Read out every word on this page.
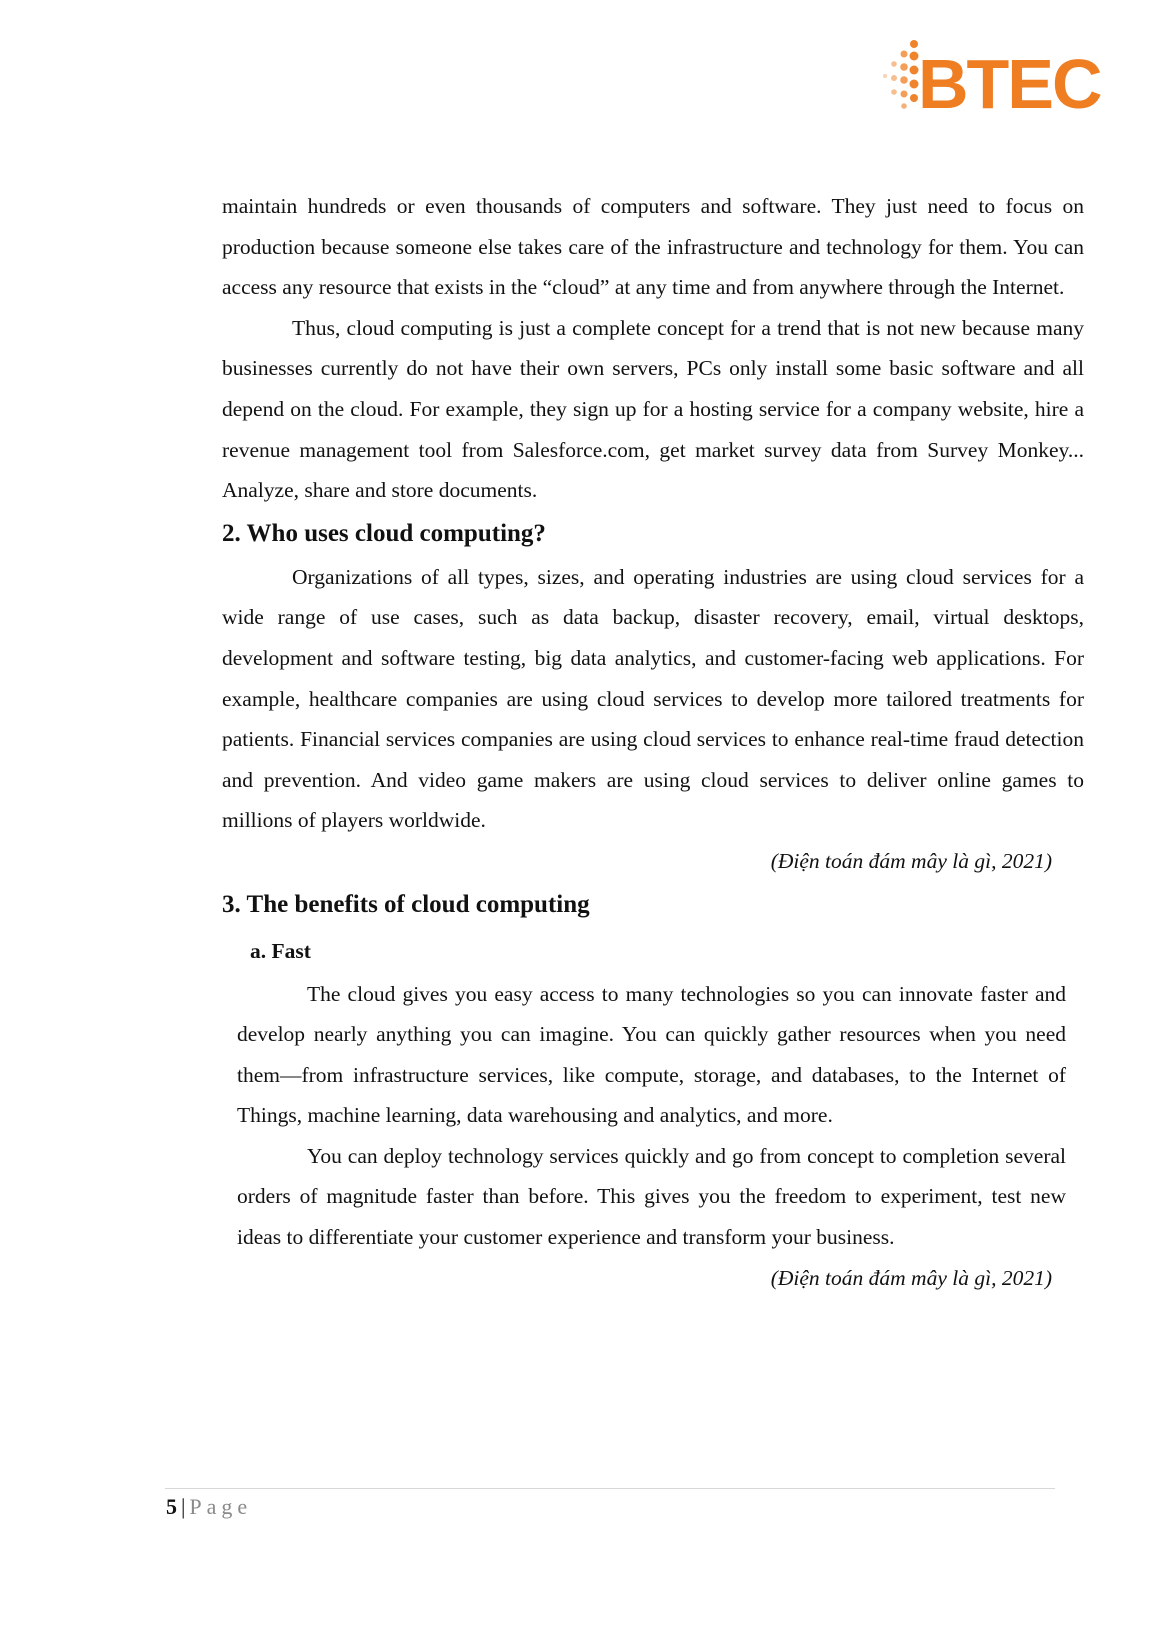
BTEC

maintain hundreds or even thousands of computers and software. They just need to focus on production because someone else takes care of the infrastructure and technology for them. You can access any resource that exists in the “cloud” at any time and from anywhere through the Internet.

Thus, cloud computing is just a complete concept for a trend that is not new because many businesses currently do not have their own servers, PCs only install some basic software and all depend on the cloud. For example, they sign up for a hosting service for a company website, hire a revenue management tool from Salesforce.com, get market survey data from Survey Monkey... Analyze, share and store documents.

2. Who uses cloud computing?

Organizations of all types, sizes, and operating industries are using cloud services for a wide range of use cases, such as data backup, disaster recovery, email, virtual desktops, development and software testing, big data analytics, and customer-facing web applications. For example, healthcare companies are using cloud services to develop more tailored treatments for patients. Financial services companies are using cloud services to enhance real-time fraud detection and prevention. And video game makers are using cloud services to deliver online games to millions of players worldwide.

(Điện toán đám mây là gì, 2021)

3. The benefits of cloud computing
a. Fast

The cloud gives you easy access to many technologies so you can innovate faster and develop nearly anything you can imagine. You can quickly gather resources when you need them—from infrastructure services, like compute, storage, and databases, to the Internet of Things, machine learning, data warehousing and analytics, and more.

You can deploy technology services quickly and go from concept to completion several orders of magnitude faster than before. This gives you the freedom to experiment, test new ideas to differentiate your customer experience and transform your business.

(Điện toán đám mây là gì, 2021)

5 | Page
